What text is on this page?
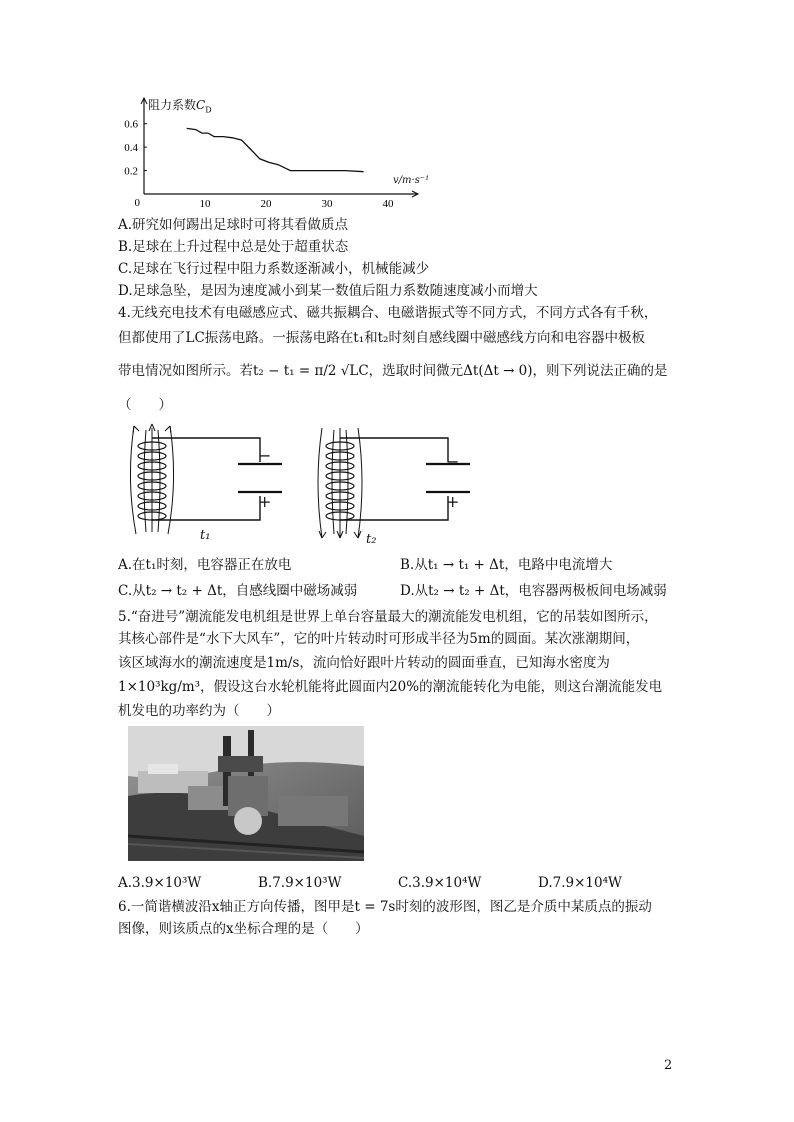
10	20	30	40
0.2
0.4
0.6
0
阻力系数$C_D$
v/m·s⁻¹
A.研究如何踢出足球时可将其看做质点
B.足球在上升过程中总是处于超重状态
C.足球在飞行过程中阻力系数逐渐减小，机械能减少
D.足球急坠，是因为速度减小到某一数值后阻力系数随速度减小而增大
4.无线充电技术有电磁感应式、磁共振耦合、电磁谐振式等不同方式，不同方式各有千秋，
但都使用了LC振荡电路。一振荡电路在t₁和t₂时刻自感线圈中磁感线方向和电容器中极板
带电情况如图所示。若t₂ − t₁ = π/2 √LC，选取时间微元Δt(Δt → 0)，则下列说法正确的是
（　　）
−
+
−
+
t₁	t₂
A.在t₁时刻，电容器正在放电	B.从t₁ → t₁ + Δt，电路中电流增大
C.从t₂ → t₂ + Δt，自感线圈中磁场减弱	D.从t₂ → t₂ + Δt，电容器两极板间电场减弱
5.“奋进号”潮流能发电机组是世界上单台容量最大的潮流能发电机组，它的吊装如图所示，
其核心部件是“水下大风车”，它的叶片转动时可形成半径为5m的圆面。某次涨潮期间，
该区域海水的潮流速度是1m/s，流向恰好跟叶片转动的圆面垂直，已知海水密度为
1×10³kg/m³，假设这台水轮机能将此圆面内20%的潮流能转化为电能，则这台潮流能发电
机发电的功率约为（　　）
A.3.9×10³W	B.7.9×10³W	C.3.9×10⁴W	D.7.9×10⁴W
6.一简谐横波沿x轴正方向传播，图甲是t = 7s时刻的波形图，图乙是介质中某质点的振动
图像，则该质点的x坐标合理的是（　　）
2
